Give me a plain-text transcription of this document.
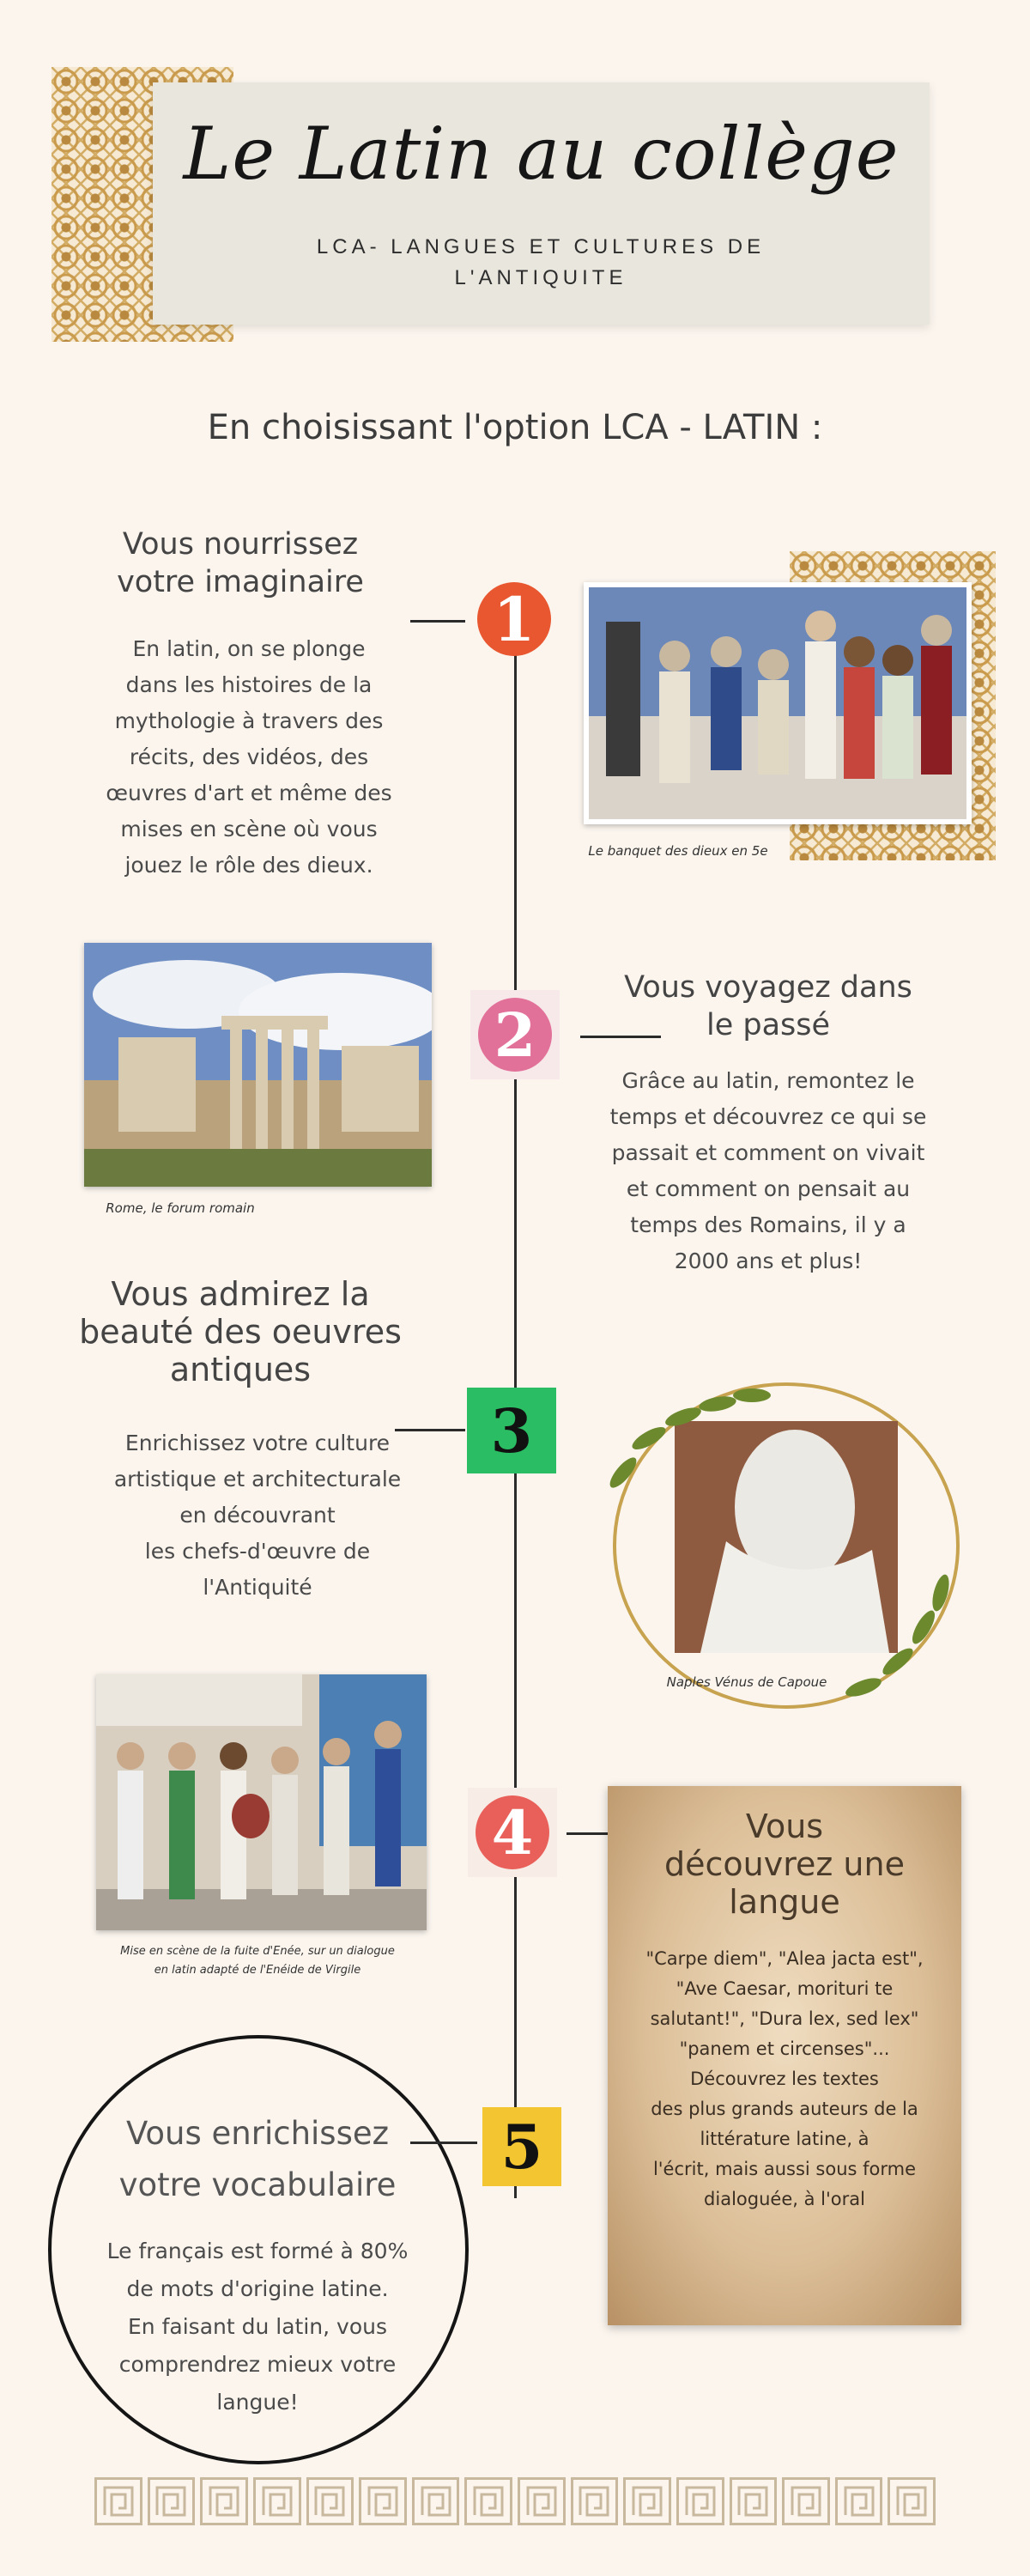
Le Latin au collège
LCA- LANGUES ET CULTURES DE
L'ANTIQUITE
En choisissant l'option LCA - LATIN :
Vous nourrissez
votre imaginaire
En latin, on se plonge
dans les histoires de la
mythologie à travers des
récits, des vidéos, des
œuvres d'art et même des
mises en scène où vous
jouez le rôle des dieux.
1
Le banquet des dieux en 5e
Rome, le forum romain
2
Vous voyagez dans
le passé
Grâce au latin, remontez le
temps et découvrez ce qui se
passait et comment on vivait
et comment on pensait au
temps des Romains, il y a
2000 ans et plus!
Vous admirez la
beauté des oeuvres
antiques
Enrichissez votre culture
artistique et architecturale
en découvrant
les chefs-d'œuvre de
l'Antiquité
3
Naples Vénus de Capoue
Mise en scène de la fuite d'Enée, sur un dialogue
en latin adapté de l'Enéide de Virgile
4	Vous
découvrez une
langue
"Carpe diem", "Alea jacta est",
"Ave Caesar, morituri te
salutant!", "Dura lex, sed lex"
"panem et circenses"...
Découvrez les textes
des plus grands auteurs de la
littérature latine, à
l'écrit, mais aussi sous forme
dialoguée, à l'oral
5
Vous enrichissez
votre vocabulaire
Le français est formé à 80%
de mots d'origine latine.
En faisant du latin, vous
comprendrez mieux votre
langue!
